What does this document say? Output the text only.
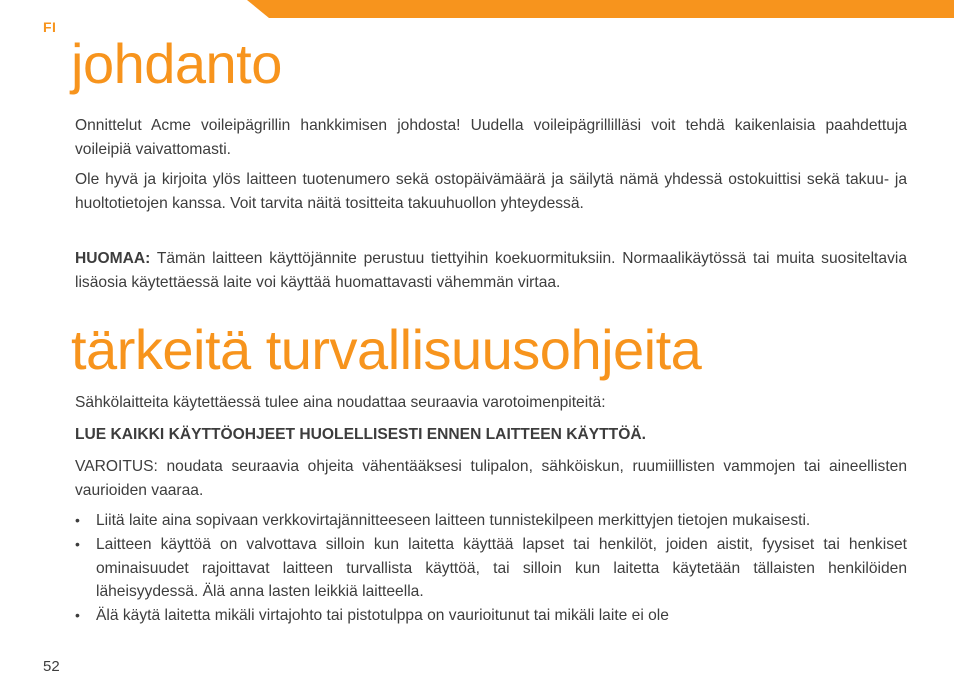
FI
johdanto

Onnittelut Acme voileipägrillin hankkimisen johdosta! Uudella voileipägrillilläsi voit tehdä kaikenlaisia paahdettuja voileipiä vaivattomasti.

Ole hyvä ja kirjoita ylös laitteen tuotenumero sekä ostopäivämäärä ja säilytä nämä yhdessä ostokuittisi sekä takuu- ja huoltotietojen kanssa. Voit tarvita näitä tositteita takuuhuollon yhteydessä.

HUOMAA: Tämän laitteen käyttöjännite perustuu tiettyihin koekuormituksiin. Normaalikäytössä tai muita suositeltavia lisäosia käytettäessä laite voi käyttää huomattavasti vähemmän virtaa.

tärkeitä turvallisuusohjeita

Sähkölaitteita käytettäessä tulee aina noudattaa seuraavia varotoimenpiteitä:

LUE KAIKKI KÄYTTÖOHJEET HUOLELLISESTI ENNEN LAITTEEN KÄYTTÖÄ.

VAROITUS: noudata seuraavia ohjeita vähentääksesi tulipalon, sähköiskun, ruumiillisten vammojen tai aineellisten vaurioiden vaaraa.

• Liitä laite aina sopivaan verkkovirtajännitteeseen laitteen tunnistekilpeen merkittyjen tietojen mukaisesti.
• Laitteen käyttöä on valvottava silloin kun laitetta käyttää lapset tai henkilöt, joiden aistit, fyysiset tai henkiset ominaisuudet rajoittavat laitteen turvallista käyttöä, tai silloin kun laitetta käytetään tällaisten henkilöiden läheisyydessä. Älä anna lasten leikkiä laitteella.
• Älä käytä laitetta mikäli virtajohto tai pistotulppa on vaurioitunut tai mikäli laite ei ole
52
